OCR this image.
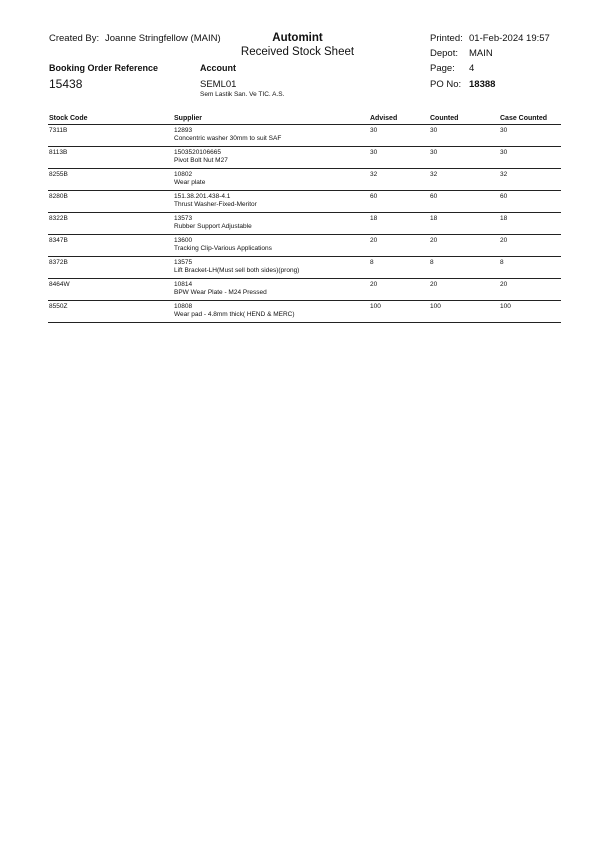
Created By: Joanne Stringfellow (MAIN)	Automint
Received Stock Sheet
Printed: 01-Feb-2024 19:57
Depot: MAIN
Page: 4
PO No: 18388
Booking Order Reference
15438
Account
SEML01
Sem Lastik San. Ve TIC. A.S.
Stock Code	Supplier	Advised	Counted	Case Counted
7311B	12893	30	30	30
Concentric washer 30mm to suit SAF
8113B	1503520106665	30	30	30
Pivot Bolt Nut M27
8255B	10802	32	32	32
Wear plate
8280B	151.38.201.438-4.1	60	60	60
Thrust Washer-Fixed-Meritor
8322B	13573	18	18	18
Rubber Support Adjustable
8347B	13600	20	20	20
Tracking Clip-Various Applications
8372B	13575	8	8	8
Lift Bracket-LH(Must sell both sides)(prong)
8464W	10814	20	20	20
BPW Wear Plate - M24 Pressed
8550Z	10808	100	100	100
Wear pad - 4.8mm thick( HEND & MERC)
